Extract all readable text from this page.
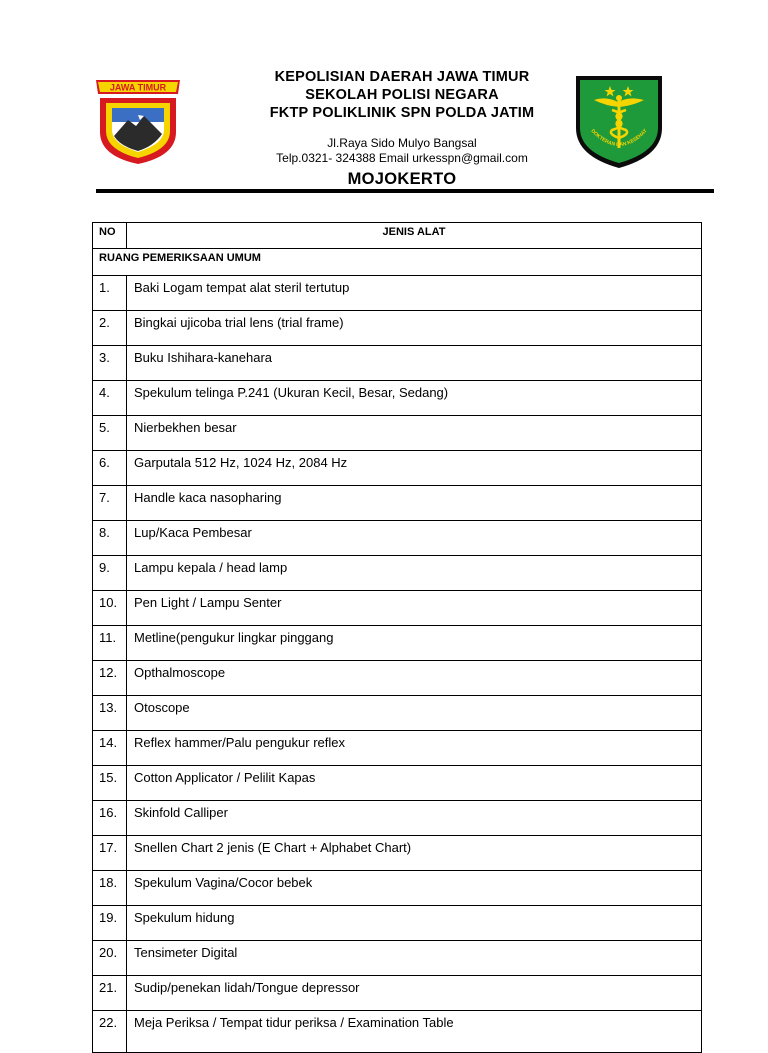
JAWA TIMUR
KEPOLISIAN DAERAH JAWA TIMUR
SEKOLAH POLISI NEGARA
FKTP POLIKLINIK SPN POLDA JATIM
Jl.Raya Sido Mulyo Bangsal
Telp.0321- 324388 Email urkesspn@gmail.com
MOJOKERTO
DOKTERAN DAN KESEHAT
NO	JENIS ALAT
RUANG PEMERIKSAAN UMUM	
1.	Baki Logam tempat alat steril tertutup
2.	Bingkai ujicoba trial lens (trial frame)
3.	Buku Ishihara-kanehara
4.	Spekulum telinga P.241 (Ukuran Kecil, Besar, Sedang)
5.	Nierbekhen besar
6.	Garputala 512 Hz, 1024 Hz, 2084 Hz
7.	Handle kaca nasopharing
8.	Lup/Kaca Pembesar
9.	Lampu kepala / head lamp
10.	Pen Light / Lampu Senter
11.	Metline(pengukur lingkar pinggang
12.	Opthalmoscope
13.	Otoscope
14.	Reflex hammer/Palu pengukur reflex
15.	Cotton Applicator / Pelilit Kapas
16.	Skinfold Calliper
17.	Snellen Chart 2 jenis (E Chart + Alphabet Chart)
18.	Spekulum Vagina/Cocor bebek
19.	Spekulum hidung
20.	Tensimeter Digital
21.	Sudip/penekan lidah/Tongue depressor
22.	Meja Periksa / Tempat tidur periksa / Examination Table
